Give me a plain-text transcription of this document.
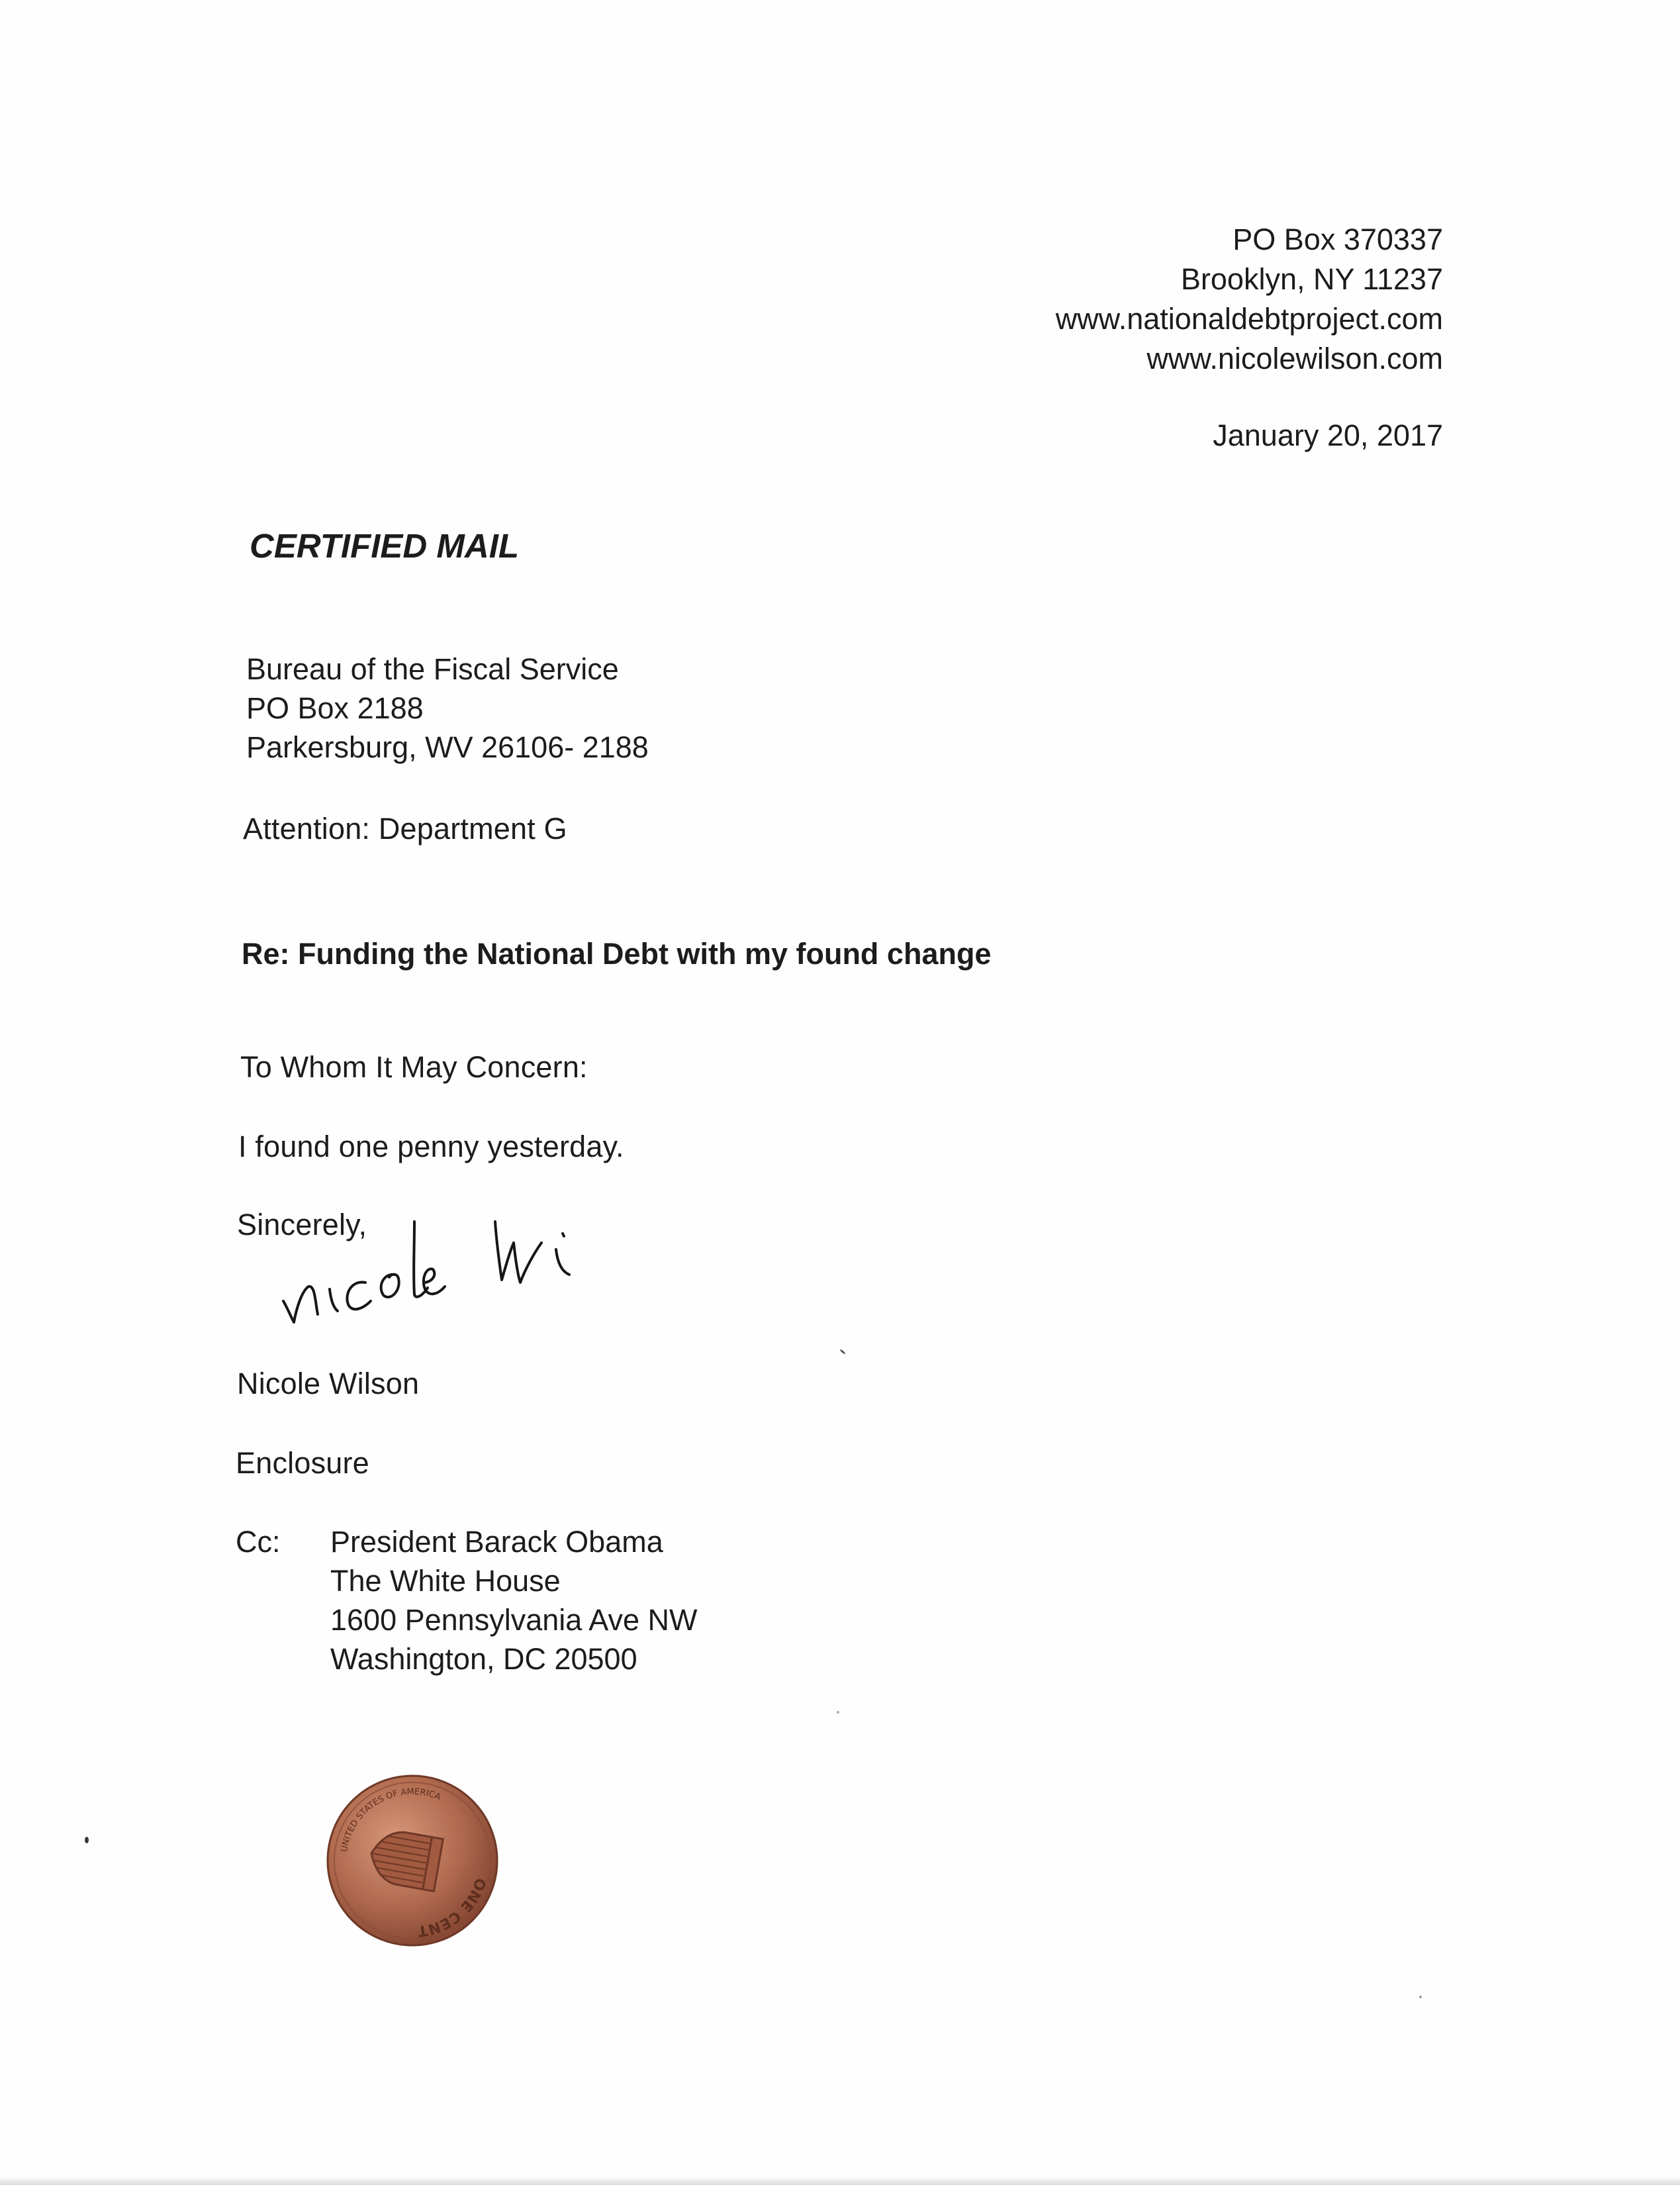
PO Box 370337
Brooklyn, NY 11237
www.nationaldebtproject.com
www.nicolewilson.com
January 20, 2017
CERTIFIED MAIL
Bureau of the Fiscal Service
PO Box 2188
Parkersburg, WV 26106- 2188
Attention: Department G
Re: Funding the National Debt with my found change
To Whom It May Concern:
I found one penny yesterday.
Sincerely,
Nicole Wilson
Enclosure
Cc: President Barack Obama
The White House
1600 Pennsylvania Ave NW
Washington, DC 20500
ONE CENT
UNITED STATES OF AMERICA
